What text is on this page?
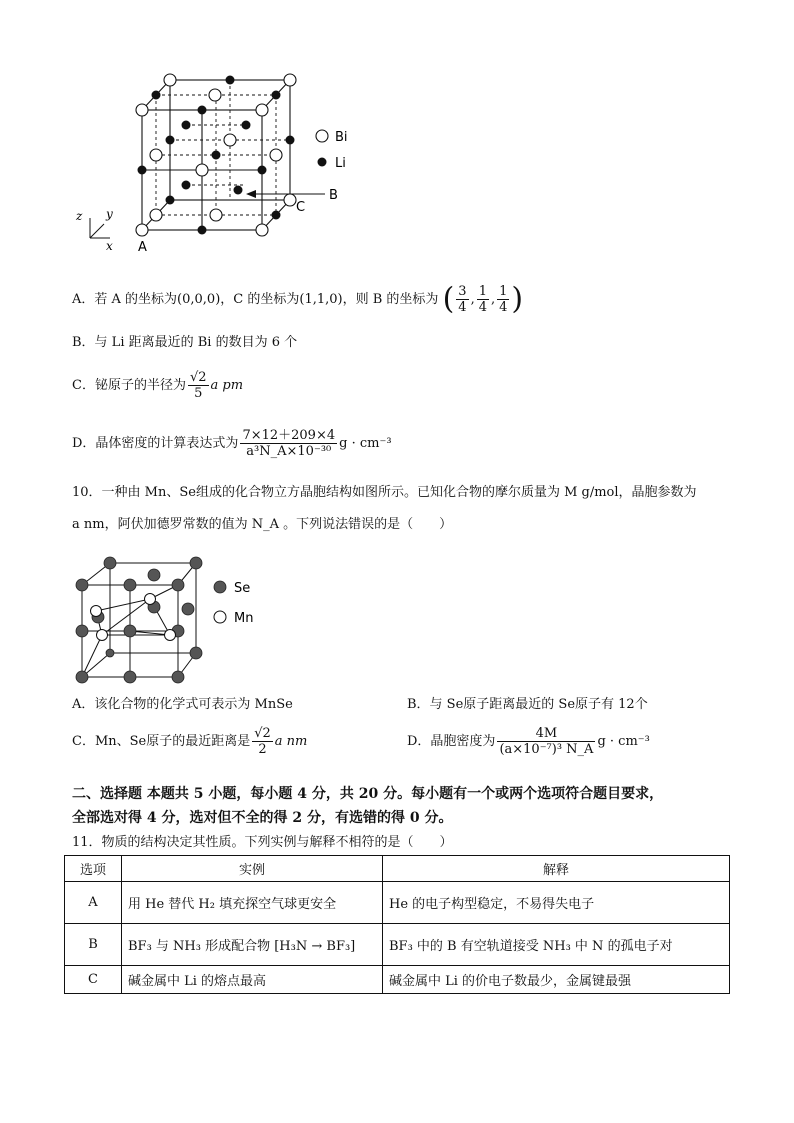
Bi
Li
B
C
A
z y
x
A．若 A 的坐标为(0,0,0)，C 的坐标为(1,1,0)，则 B 的坐标为 ( $\frac{3}{4}$ , $\frac{1}{4}$ , $\frac{1}{4}$ )
B．与 Li 距离最近的 Bi 的数目为 6 个
C．铋原子的半径为 $\frac{√2}{5}$ a pm
D．晶体密度的计算表达式为 $\frac{7\times 12+209\times 4}{\text{a³N\_A×10⁻³⁰}}$ g · cm⁻³
10．一种由 Mn、Se组成的化合物立方晶胞结构如图所示。已知化合物的摩尔质量为 M g/mol，晶胞参数为
a nm，阿伏加德罗常数的值为 N_A 。下列说法错误的是（　　）
Se
Mn
A．该化合物的化学式可表示为 MnSe	B．与 Se原子距离最近的 Se原子有 12个
C．Mn、Se原子的最近距离是 $\frac{√2}{2}$ a nm	D．晶胞密度为 $\frac{4M}{\text{(a×10⁻⁷)³ N\_A}}$ g · cm⁻³
二、选择题 本题共 5 小题，每小题 4 分，共 20 分。每小题有一个或两个选项符合题目要求，
全部选对得 4 分，选对但不全的得 2 分，有选错的得 0 分。
11．物质的结构决定其性质。下列实例与解释不相符的是（　　）
选项	实例	解释
A	用 He 替代 H₂ 填充探空气球更安全	He 的电子构型稳定，不易得失电子
B	BF₃ 与 NH₃ 形成配合物 [H₃N → BF₃]	BF₃ 中的 B 有空轨道接受 NH₃ 中 N 的孤电子对
C	碱金属中 Li 的熔点最高	碱金属中 Li 的价电子数最少，金属键最强
